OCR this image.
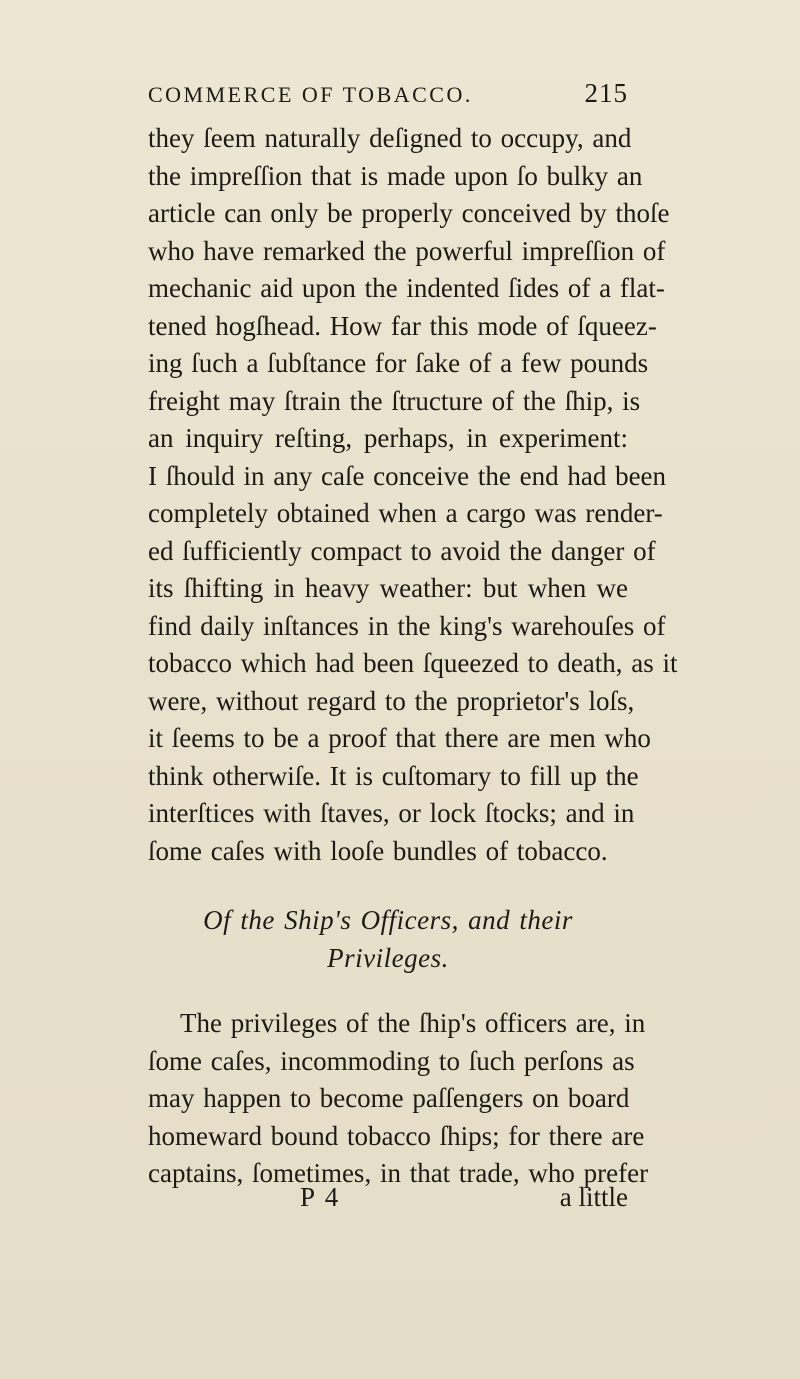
COMMERCE OF TOBACCO.	215
they ſeem naturally deſigned to occupy, and
the impreſſion that is made upon ſo bulky an
article can only be properly conceived by thoſe
who have remarked the powerful impreſſion of
mechanic aid upon the indented ſides of a flat-
tened hogſhead. How far this mode of ſqueez-
ing ſuch a ſubſtance for ſake of a few pounds
freight may ſtrain the ſtructure of the ſhip, is
an inquiry reſting, perhaps, in experiment:
I ſhould in any caſe conceive the end had been
completely obtained when a cargo was render-
ed ſufficiently compact to avoid the danger of
its ſhifting in heavy weather: but when we
find daily inſtances in the king's warehouſes of
tobacco which had been ſqueezed to death, as it
were, without regard to the proprietor's loſs,
it ſeems to be a proof that there are men who
think otherwiſe. It is cuſtomary to fill up the
interſtices with ſtaves, or lock ſtocks; and in
ſome caſes with looſe bundles of tobacco.
Of the Ship's Officers, and their Privileges.
The privileges of the ſhip's officers are, in
ſome caſes, incommoding to ſuch perſons as
may happen to become paſſengers on board
homeward bound tobacco ſhips; for there are
captains, ſometimes, in that trade, who prefer
P 4	a little
